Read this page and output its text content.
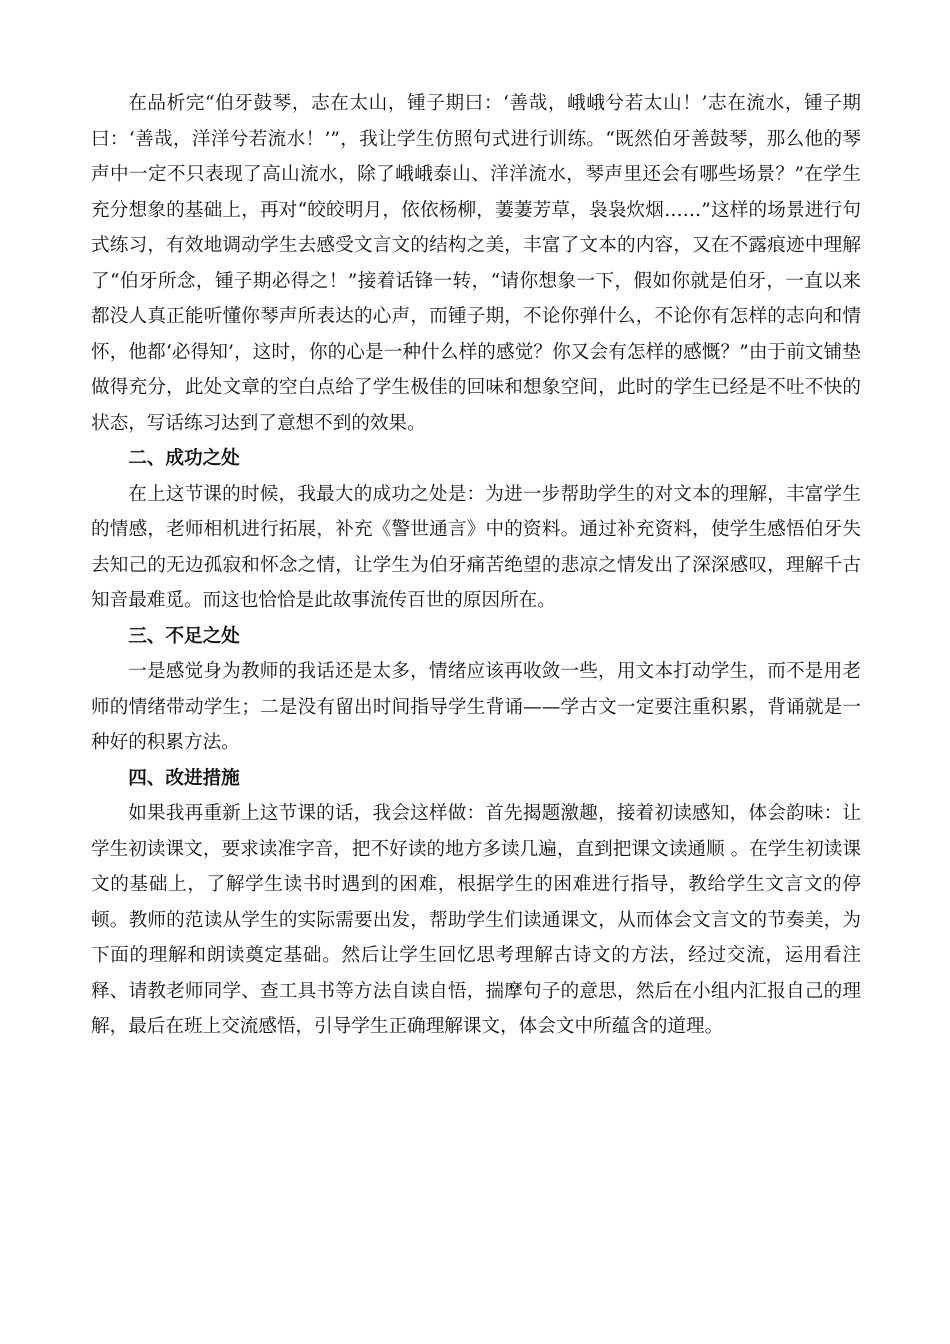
在品析完“伯牙鼓琴，志在太山，锺子期曰：‘善哉，峨峨兮若太山！’志在流水，锺子期曰：‘善哉，洋洋兮若流水！’”，我让学生仿照句式进行训练。“既然伯牙善鼓琴，那么他的琴声中一定不只表现了高山流水，除了峨峨泰山、洋洋流水，琴声里还会有哪些场景？”在学生充分想象的基础上，再对“皎皎明月，依依杨柳，萋萋芳草，袅袅炊烟……”这样的场景进行句式练习，有效地调动学生去感受文言文的结构之美，丰富了文本的内容，又在不露痕迹中理解了“伯牙所念，锺子期必得之！”接着话锋一转，“请你想象一下，假如你就是伯牙，一直以来都没人真正能听懂你琴声所表达的心声，而锺子期，不论你弹什么，不论你有怎样的志向和情怀，他都‘必得知’，这时，你的心是一种什么样的感觉？你又会有怎样的感慨？”由于前文铺垫做得充分，此处文章的空白点给了学生极佳的回味和想象空间，此时的学生已经是不吐不快的状态，写话练习达到了意想不到的效果。

二、成功之处

在上这节课的时候，我最大的成功之处是：为进一步帮助学生的对文本的理解，丰富学生的情感，老师相机进行拓展，补充《警世通言》中的资料。通过补充资料，使学生感悟伯牙失去知己的无边孤寂和怀念之情，让学生为伯牙痛苦绝望的悲凉之情发出了深深感叹，理解千古知音最难觅。而这也恰恰是此故事流传百世的原因所在。

三、不足之处

一是感觉身为教师的我话还是太多，情绪应该再收敛一些，用文本打动学生，而不是用老师的情绪带动学生；二是没有留出时间指导学生背诵——学古文一定要注重积累，背诵就是一种好的积累方法。

四、改进措施

如果我再重新上这节课的话，我会这样做：首先揭题激趣，接着初读感知，体会韵味：让学生初读课文，要求读准字音，把不好读的地方多读几遍，直到把课文读通顺 。在学生初读课文的基础上，了解学生读书时遇到的困难，根据学生的困难进行指导，教给学生文言文的停顿。教师的范读从学生的实际需要出发，帮助学生们读通课文，从而体会文言文的节奏美，为下面的理解和朗读奠定基础。然后让学生回忆思考理解古诗文的方法，经过交流，运用看注释、请教老师同学、查工具书等方法自读自悟，揣摩句子的意思，然后在小组内汇报自己的理解，最后在班上交流感悟，引导学生正确理解课文，体会文中所蕴含的道理。
